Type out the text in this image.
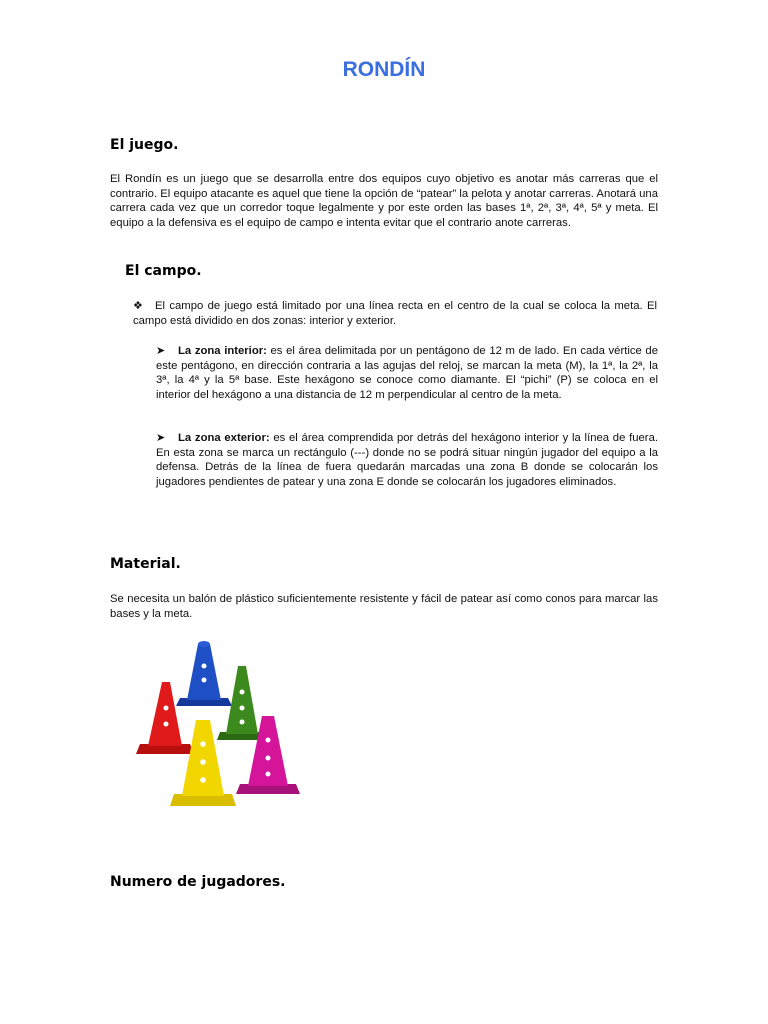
RONDÍN
El juego.
El Rondín es un juego que se desarrolla entre dos equipos cuyo objetivo es anotar más carreras que el contrario. El equipo atacante es aquel que tiene la opción de “patear” la pelota y anotar carreras. Anotará una carrera cada vez que un corredor toque legalmente y por este orden las bases 1ª, 2ª, 3ª, 4ª, 5ª y meta. El equipo a la defensiva es el equipo de campo e intenta evitar que el contrario anote carreras.
El campo.
❖ El campo de juego está limitado por una línea recta en el centro de la cual se coloca la meta. El campo está dividido en dos zonas: interior y exterior.
➤ La zona interior: es el área delimitada por un pentágono de 12 m de lado. En cada vértice de este pentágono, en dirección contraria a las agujas del reloj, se marcan la meta (M), la 1ª, la 2ª, la 3ª, la 4ª y la 5ª base. Este hexágono se conoce como diamante. El “pichi” (P) se coloca en el interior del hexágono a una distancia de 12 m perpendicular al centro de la meta.
➤ La zona exterior: es el área comprendida por detrás del hexágono interior y la línea de fuera. En esta zona se marca un rectángulo (---) donde no se podrá situar ningún jugador del equipo a la defensa. Detrás de la línea de fuera quedarán marcadas una zona B donde se colocarán los jugadores pendientes de patear y una zona E donde se colocarán los jugadores eliminados.
Material.
Se necesita un balón de plástico suficientemente resistente y fácil de patear así como conos para marcar las bases y la meta.
Numero de jugadores.
